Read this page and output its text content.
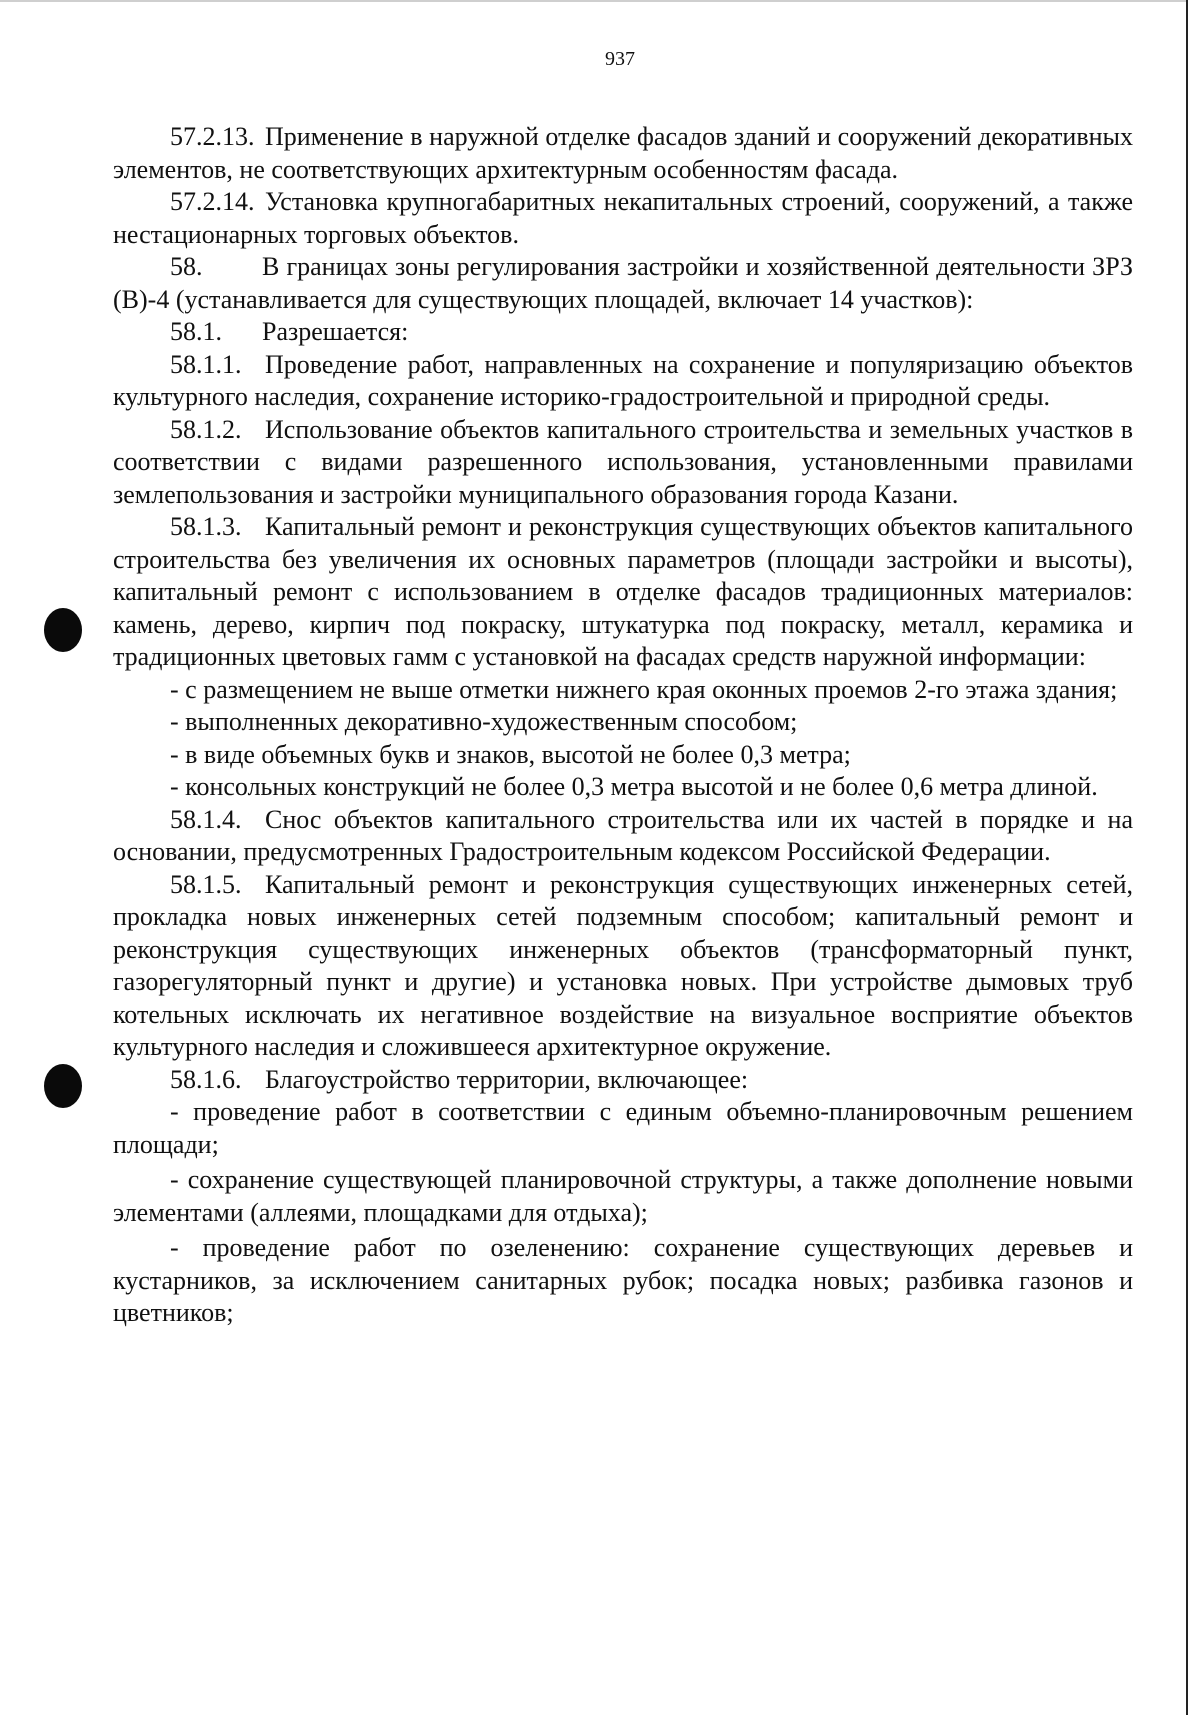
937

57.2.13. Применение в наружной отделке фасадов зданий и сооружений декоративных элементов, не соответствующих архитектурным особенностям фасада.

57.2.14. Установка крупногабаритных некапитальных строений, сооружений, а также нестационарных торговых объектов.

58. В границах зоны регулирования застройки и хозяйственной деятельности ЗРЗ (В)-4 (устанавливается для существующих площадей, включает 14 участков):

58.1. Разрешается:

58.1.1. Проведение работ, направленных на сохранение и популяризацию объектов культурного наследия, сохранение историко-градостроительной и природной среды.

58.1.2. Использование объектов капитального строительства и земельных участков в соответствии с видами разрешенного использования, установленными правилами землепользования и застройки муниципального образования города Казани.

58.1.3. Капитальный ремонт и реконструкция существующих объектов капитального строительства без увеличения их основных параметров (площади застройки и высоты), капитальный ремонт с использованием в отделке фасадов традиционных материалов: камень, дерево, кирпич под покраску, штукатурка под покраску, металл, керамика и традиционных цветовых гамм с установкой на фасадах средств наружной информации:

- с размещением не выше отметки нижнего края оконных проемов 2-го этажа здания;

- выполненных декоративно-художественным способом;

- в виде объемных букв и знаков, высотой не более 0,3 метра;

- консольных конструкций не более 0,3 метра высотой и не более 0,6 метра длиной.

58.1.4. Снос объектов капитального строительства или их частей в порядке и на основании, предусмотренных Градостроительным кодексом Российской Федерации.

58.1.5. Капитальный ремонт и реконструкция существующих инженерных сетей, прокладка новых инженерных сетей подземным способом; капитальный ремонт и реконструкция существующих инженерных объектов (трансформаторный пункт, газорегуляторный пункт и другие) и установка новых. При устройстве дымовых труб котельных исключать их негативное воздействие на визуальное восприятие объектов культурного наследия и сложившееся архитектурное окружение.

58.1.6. Благоустройство территории, включающее:

- проведение работ в соответствии с единым объемно-планировочным решением площади;

- сохранение существующей планировочной структуры, а также дополнение новыми элементами (аллеями, площадками для отдыха);

- проведение работ по озеленению: сохранение существующих деревьев и кустарников, за исключением санитарных рубок; посадка новых; разбивка газонов и цветников;
